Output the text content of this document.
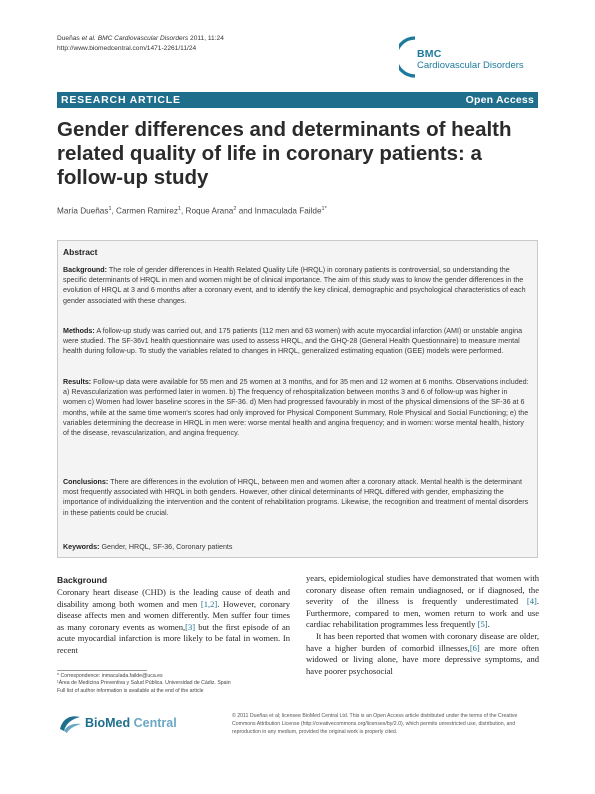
Dueñas et al. BMC Cardiovascular Disorders 2011, 11:24
http://www.biomedcentral.com/1471-2261/11/24	BMC
Cardiovascular Disorders
RESEARCH ARTICLE	Open Access
Gender differences and determinants of health related quality of life in coronary patients: a follow-up study
María Dueñas$^1$, Carmen Ramirez$^1$, Roque Arana$^2$ and Inmaculada Failde$^{1*}$
Abstract

Background: The role of gender differences in Health Related Quality Life (HRQL) in coronary patients is controversial, so understanding the specific determinants of HRQL in men and women might be of clinical importance. The aim of this study was to know the gender differences in the evolution of HRQL at 3 and 6 months after a coronary event, and to identify the key clinical, demographic and psychological characteristics of each gender associated with these changes.

Methods: A follow-up study was carried out, and 175 patients (112 men and 63 women) with acute myocardial infarction (AMI) or unstable angina were studied. The SF-36v1 health questionnaire was used to assess HRQL, and the GHQ-28 (General Health Questionnaire) to measure mental health during follow-up. To study the variables related to changes in HRQL, generalized estimating equation (GEE) models were performed.

Results: Follow-up data were available for 55 men and 25 women at 3 months, and for 35 men and 12 women at 6 months. Observations included: a) Revascularization was performed later in women. b) The frequency of rehospitalization between months 3 and 6 of follow-up was higher in women c) Women had lower baseline scores in the SF-36. d) Men had progressed favourably in most of the physical dimensions of the SF-36 at 6 months, while at the same time women's scores had only improved for Physical Component Summary, Role Physical and Social Functioning; e) the variables determining the decrease in HRQL in men were: worse mental health and angina frequency; and in women: worse mental health, history of the disease, revascularization, and angina frequency.

Conclusions: There are differences in the evolution of HRQL, between men and women after a coronary attack. Mental health is the determinant most frequently associated with HRQL in both genders. However, other clinical determinants of HRQL differed with gender, emphasizing the importance of individualizing the intervention and the content of rehabilitation programs. Likewise, the recognition and treatment of mental disorders in these patients could be crucial.

Keywords: Gender, HRQL, SF-36, Coronary patients

Background

Coronary heart disease (CHD) is the leading cause of death and disability among both women and men [1,2]. However, coronary disease affects men and women differently. Men suffer four times as many coronary events as women,[3] but the first episode of an acute myocardial infarction is more likely to be fatal in women. In recent

years, epidemiological studies have demonstrated that women with coronary disease often remain undiagnosed, or if diagnosed, the severity of the illness is frequently underestimated [4]. Furthermore, compared to men, women return to work and use cardiac rehabilitation programmes less frequently [5].

It has been reported that women with coronary disease are older, have a higher burden of comorbid illnesses,[6] are more often widowed or living alone, have more depressive symptoms, and have poorer psychosocial

* Correspondence: inmaculada.failde@uca.es
¹Área de Medicina Preventiva y Salud Pública. Universidad de Cádiz. Spain
Full list of author information is available at the end of the article
BioMed Central	© 2011 Dueñas et al; licensee BioMed Central Ltd. This is an Open Access article distributed under the terms of the Creative Commons Attribution License (http://creativecommons.org/licenses/by/2.0), which permits unrestricted use, distribution, and reproduction in any medium, provided the original work is properly cited.
